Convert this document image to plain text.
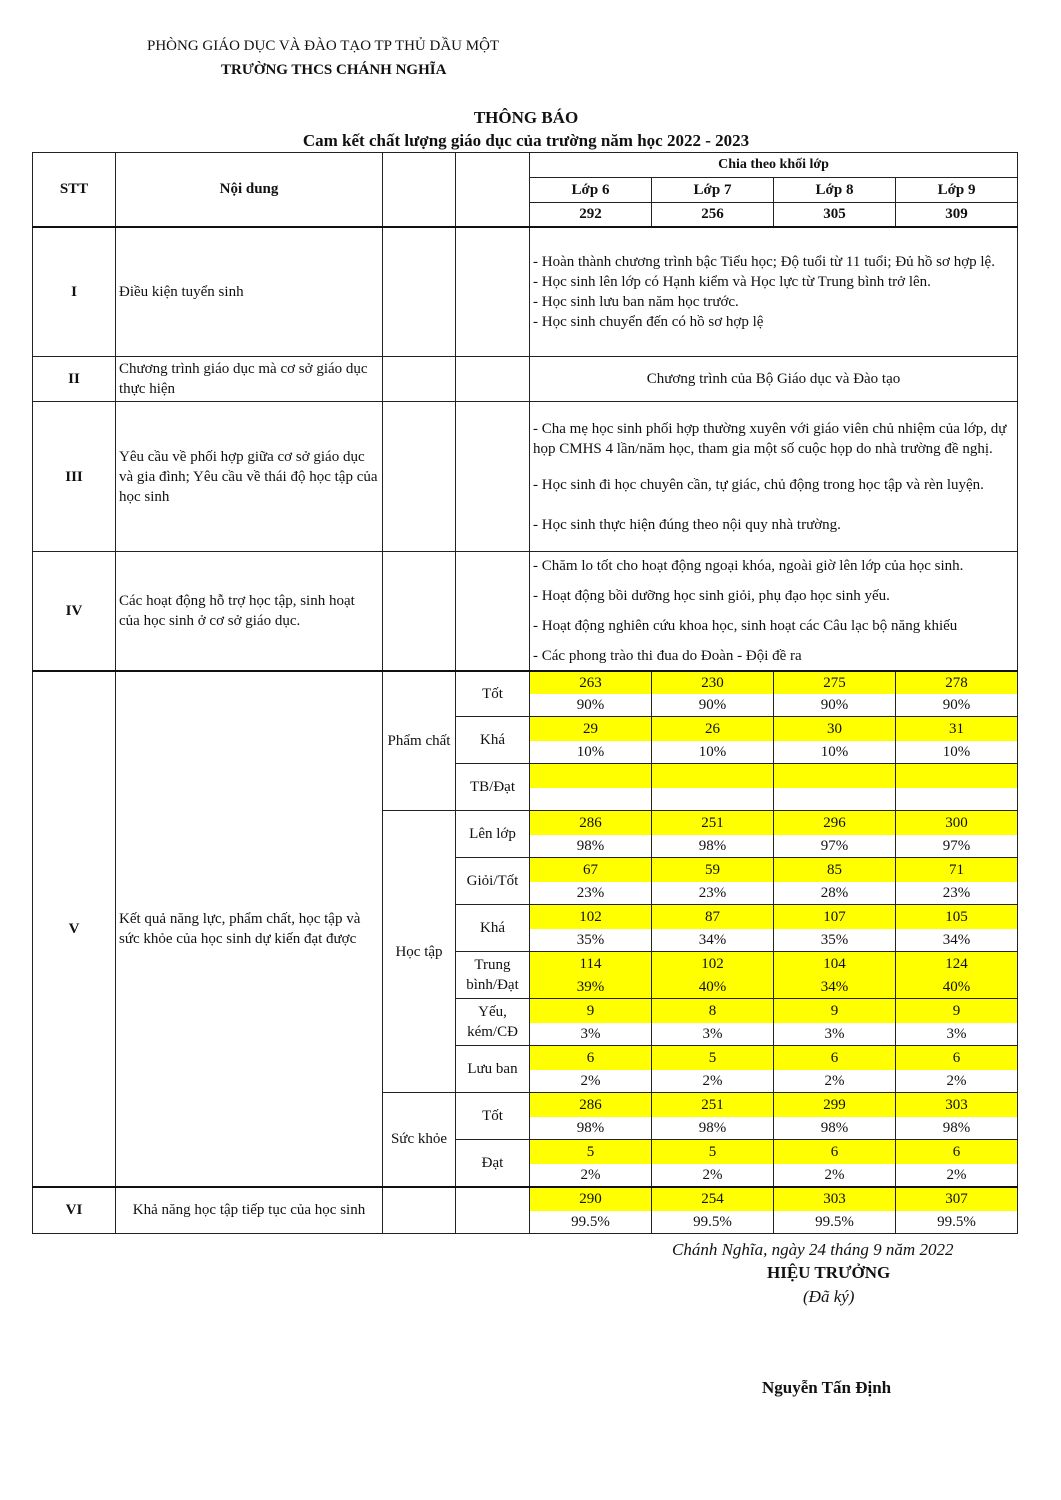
PHÒNG GIÁO DỤC VÀ ĐÀO TẠO TP THỦ DẦU MỘT
TRƯỜNG THCS CHÁNH NGHĨA
THÔNG BÁO
Cam kết chất lượng giáo dục của trường năm học 2022 - 2023
STT	Nội dung			Chia theo khối lớp			
				Lớp 6	Lớp 7	Lớp 8	Lớp 9
				292	256	305	309
I	Điều kiện tuyển sinh			- Hoàn thành chương trình bậc Tiểu học; Độ tuổi từ 11 tuổi; Đủ hồ sơ hợp lệ.
- Học sinh lên lớp có Hạnh kiểm và Học lực từ Trung bình trở lên.
- Học sinh lưu ban năm học trước.
- Học sinh chuyển đến có hồ sơ hợp lệ			

II	Chương trình giáo dục mà cơ sở giáo dục thực hiện			Chương trình của Bộ Giáo dục và Đào tạo			
III	Yêu cầu về phối hợp giữa cơ sở giáo dục và gia đình; Yêu cầu về thái độ học tập của học sinh			- Cha mẹ học sinh phối hợp thường xuyên với giáo viên chủ nhiệm của lớp, dự họp CMHS 4 lần/năm học, tham gia một số cuộc họp do nhà trường đề nghị.
- Học sinh đi học chuyên cần, tự giác, chủ động trong học tập và rèn luyện.
- Học sinh thực hiện đúng theo nội quy nhà trường.			

IV	Các hoạt động hỗ trợ học tập, sinh hoạt của học sinh ở cơ sở giáo dục.			- Chăm lo tốt cho hoạt động ngoại khóa, ngoài giờ lên lớp của học sinh.
- Hoạt động bồi dưỡng học sinh giỏi, phụ đạo học sinh yếu.
- Hoạt động nghiên cứu khoa học, sinh hoạt các Câu lạc bộ năng khiếu
- Các phong trào thi đua do Đoàn - Đội đề ra			

V	Kết quả năng lực, phẩm chất, học tập và sức khỏe của học sinh dự kiến đạt được	Phẩm chất	Tốt	263	230	275	278
				90%	90%	90%	90%
			Khá	29	26	30	31
				10%	10%	10%	10%
			TB/Đạt				

		Học tập	Lên lớp	286	251	296	300
				98%	98%	97%	97%
			Giỏi/Tốt	67	59	85	71
				23%	23%	28%	23%
			Khá	102	87	107	105
				35%	34%	35%	34%
			Trung bình/Đạt	114	102	104	124
				39%	40%	34%	40%
			Yếu, kém/CĐ	9	8	9	9
				3%	3%	3%	3%
			Lưu ban	6	5	6	6
				2%	2%	2%	2%
		Sức khỏe	Tốt	286	251	299	303
				98%	98%	98%	98%
			Đạt	5	5	6	6
				2%	2%	2%	2%
VI	Khả năng học tập tiếp tục của học sinh			290	254	303	307
				99.5%	99.5%	99.5%	99.5%
Chánh Nghĩa, ngày 24 tháng 9 năm 2022
HIỆU TRƯỞNG
(Đã ký)
Nguyễn Tấn Định
